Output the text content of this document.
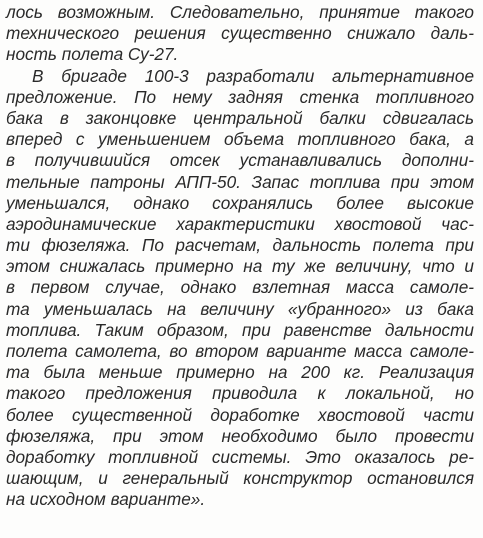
лось возможным. Следовательно, принятие такого
технического решения существенно снижало даль-
ность полета Су-27.
В бригаде 100-3 разработали альтернативное
предложение. По нему задняя стенка топливного
бака в законцовке центральной балки сдвигалась
вперед с уменьшением объема топливного бака, а
в получившийся отсек устанавливались дополни-
тельные патроны АПП-50. Запас топлива при этом
уменьшался, однако сохранялись более высокие
аэродинамические характеристики хвостовой час-
ти фюзеляжа. По расчетам, дальность полета при
этом снижалась примерно на ту же величину, что и
в первом случае, однако взлетная масса самоле-
та уменьшалась на величину «убранного» из бака
топлива. Таким образом, при равенстве дальности
полета самолета, во втором варианте масса самоле-
та была меньше примерно на 200 кг. Реализация
такого предложения приводила к локальной, но
более существенной доработке хвостовой части
фюзеляжа, при этом необходимо было провести
доработку топливной системы. Это оказалось ре-
шающим, и генеральный конструктор остановился
на исходном варианте».
